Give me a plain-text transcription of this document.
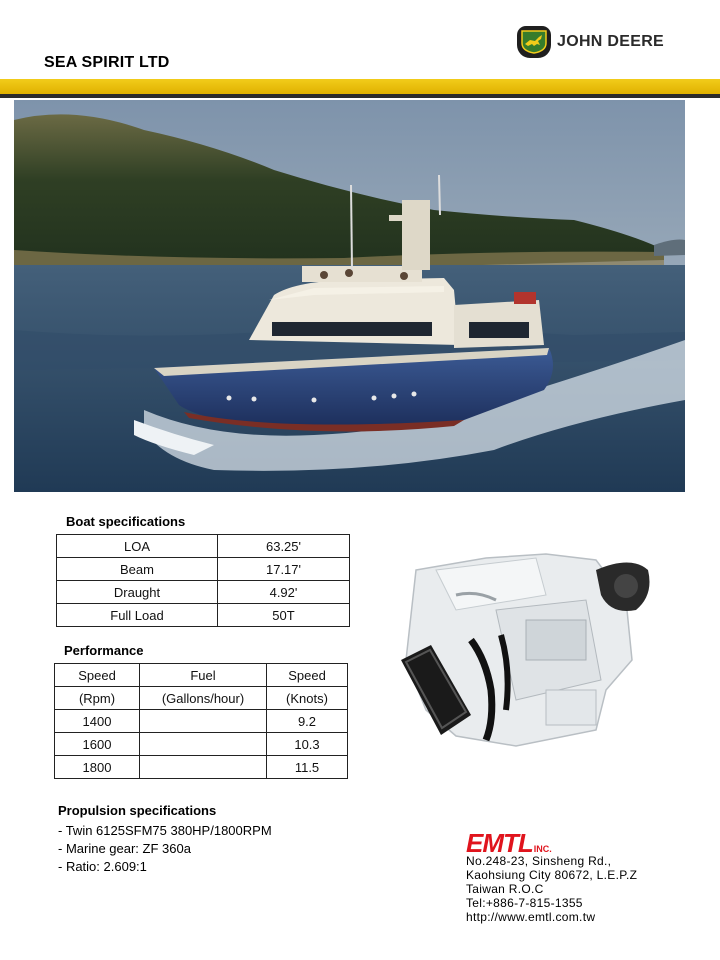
SEA SPIRIT LTD
JOHN DEERE
Boat specifications
LOA	63.25'
Beam	17.17'
Draught	4.92'
Full Load	50T
Performance
Speed	Fuel	Speed
(Rpm)	(Gallons/hour)	(Knots)
1400		9.2
1600		10.3
1800		11.5
Propulsion specifications
- Twin 6125SFM75 380HP/1800RPM
- Marine gear: ZF 360a
- Ratio: 2.609:1
EMTLINC.
No.248-23, Sinsheng Rd.,
Kaohsiung City 80672, L.E.P.Z
Taiwan R.O.C
Tel:+886-7-815-1355
http://www.emtl.com.tw
